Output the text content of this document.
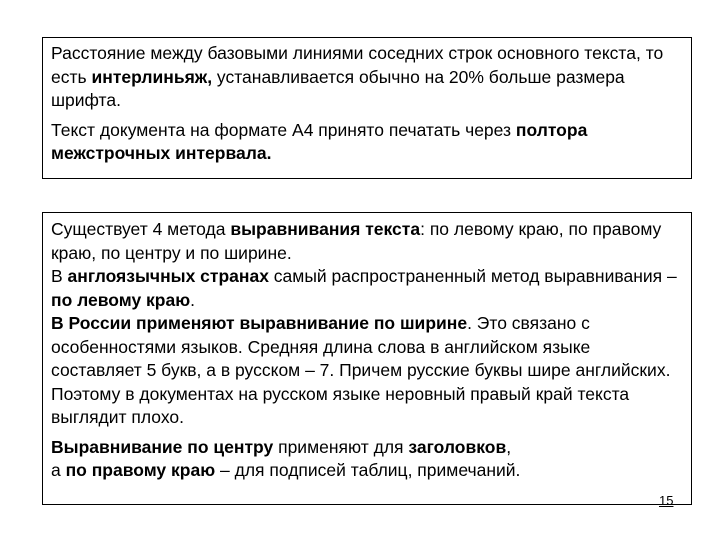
Расстояние между базовыми линиями соседних строк основного текста, то есть интерлиньяж, устанавливается обычно на 20% больше размера шрифта.

Текст документа на формате А4 принято печатать через полтора межстрочных интервала.

Существует 4 метода выравнивания текста: по левому краю, по правому краю, по центру и по ширине.

В англоязычных странах самый распространенный метод выравнивания – по левому краю.

В России применяют выравнивание по ширине. Это связано с особенностями языков. Средняя длина слова в английском языке составляет 5 букв, а в русском – 7. Причем русские буквы шире английских. Поэтому в документах на русском языке неровный правый край текста выглядит плохо.

Выравнивание по центру применяют для заголовков,
а по правому краю – для подписей таблиц, примечаний.

15
